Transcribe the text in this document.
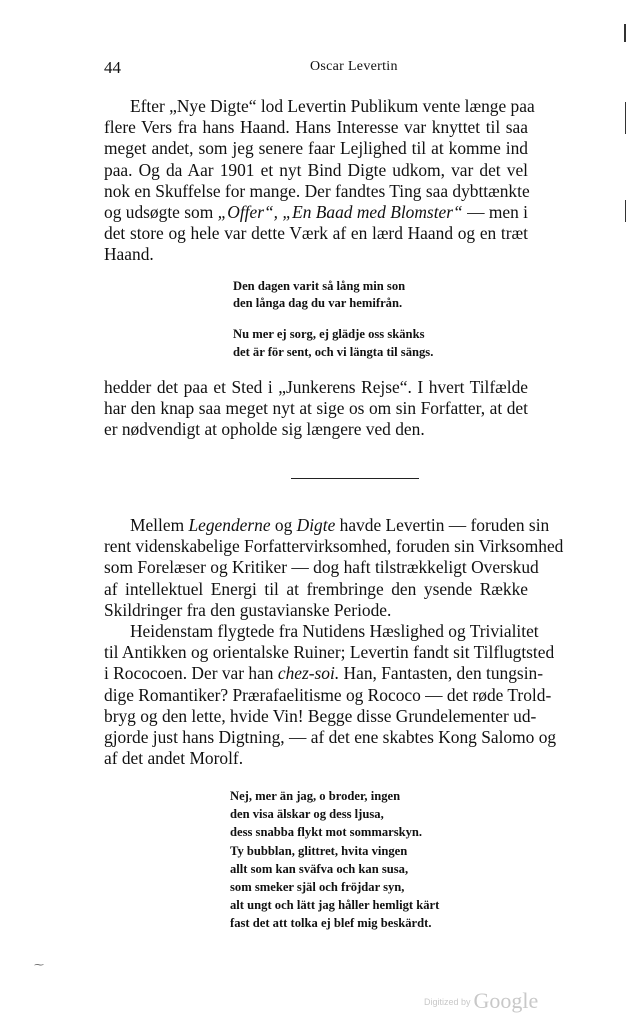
44	Oscar Levertin
Efter „Nye Digte“ lod Levertin Publikum vente længe paa
flere Vers fra hans Haand. Hans Interesse var knyttet til saa
meget andet, som jeg senere faar Lejlighed til at komme ind
paa. Og da Aar 1901 et nyt Bind Digte udkom, var det vel
nok en Skuffelse for mange. Der fandtes Ting saa dybttænkte
og udsøgte som „Offer“, „En Baad med Blomster“ — men i
det store og hele var dette Værk af en lærd Haand og en træt
Haand.
Den dagen varit så lång min son
den långa dag du var hemifrån.
Nu mer ej sorg, ej glädje oss skänks
det är för sent, och vi längta til sängs.
hedder det paa et Sted i „Junkerens Rejse“. I hvert Tilfælde
har den knap saa meget nyt at sige os om sin Forfatter, at det
er nødvendigt at opholde sig længere ved den.
Mellem Legenderne og Digte havde Levertin — foruden sin
rent videnskabelige Forfattervirksomhed, foruden sin Virksomhed
som Forelæser og Kritiker — dog haft tilstrækkeligt Overskud
af intellektuel Energi til at frembringe den ysende Række
Skildringer fra den gustavianske Periode.
Heidenstam flygtede fra Nutidens Hæslighed og Trivialitet
til Antikken og orientalske Ruiner; Levertin fandt sit Tilflugtsted
i Rococoen. Der var han chez-soi. Han, Fantasten, den tungsin-
dige Romantiker? Prærafaelitisme og Rococo — det røde Trold-
bryg og den lette, hvide Vin! Begge disse Grundelementer ud-
gjorde just hans Digtning, — af det ene skabtes Kong Salomo og
af det andet Morolf.
Nej, mer än jag, o broder, ingen
den visa älskar og dess ljusa,
dess snabba flykt mot sommarskyn.
Ty bubblan, glittret, hvita vingen
allt som kan sväfva och kan susa,
som smeker själ och fröjdar syn,
alt ungt och lätt jag håller hemligt kärt
fast det att tolka ej blef mig beskärdt.
⁓
Digitized by Google
